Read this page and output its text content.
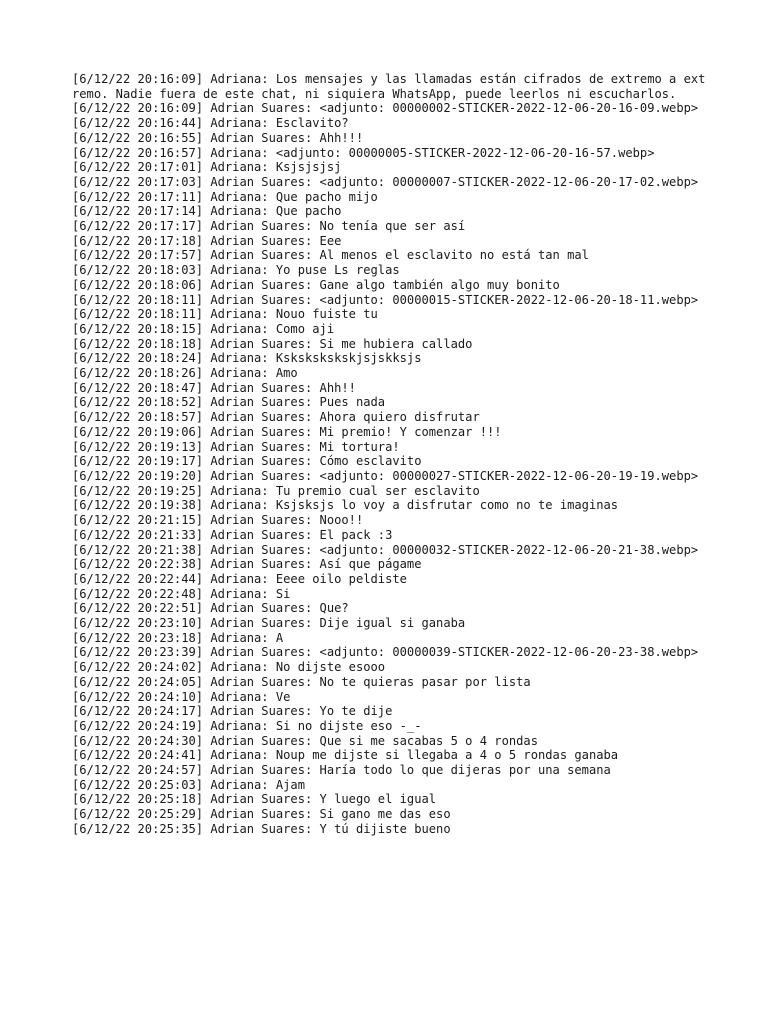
[6/12/22 20:16:09] Adriana: Los mensajes y las llamadas están cifrados de extremo a extremo. Nadie fuera de este chat, ni siquiera WhatsApp, puede leerlos ni escucharlos.
[6/12/22 20:16:09] Adrian Suares: <adjunto: 00000002-STICKER-2022-12-06-20-16-09.webp>
[6/12/22 20:16:44] Adriana: Esclavito?
[6/12/22 20:16:55] Adrian Suares: Ahh!!!
[6/12/22 20:16:57] Adriana: <adjunto: 00000005-STICKER-2022-12-06-20-16-57.webp>
[6/12/22 20:17:01] Adriana: Ksjsjsjsj
[6/12/22 20:17:03] Adrian Suares: <adjunto: 00000007-STICKER-2022-12-06-20-17-02.webp>
[6/12/22 20:17:11] Adriana: Que pacho mijo
[6/12/22 20:17:14] Adriana: Que pacho
[6/12/22 20:17:17] Adrian Suares: No tenía que ser así
[6/12/22 20:17:18] Adrian Suares: Eee
[6/12/22 20:17:57] Adrian Suares: Al menos el esclavito no está tan mal
[6/12/22 20:18:03] Adriana: Yo puse Ls reglas
[6/12/22 20:18:06] Adrian Suares: Gane algo también algo muy bonito
[6/12/22 20:18:11] Adrian Suares: <adjunto: 00000015-STICKER-2022-12-06-20-18-11.webp>
[6/12/22 20:18:11] Adriana: Nouo fuiste tu
[6/12/22 20:18:15] Adriana: Como aji
[6/12/22 20:18:18] Adrian Suares: Si me hubiera callado
[6/12/22 20:18:24] Adriana: Kskskskskskjsjskksjs
[6/12/22 20:18:26] Adriana: Amo
[6/12/22 20:18:47] Adrian Suares: Ahh!!
[6/12/22 20:18:52] Adrian Suares: Pues nada
[6/12/22 20:18:57] Adrian Suares: Ahora quiero disfrutar
[6/12/22 20:19:06] Adrian Suares: Mi premio! Y comenzar !!!
[6/12/22 20:19:13] Adrian Suares: Mi tortura!
[6/12/22 20:19:17] Adrian Suares: Cómo esclavito
[6/12/22 20:19:20] Adrian Suares: <adjunto: 00000027-STICKER-2022-12-06-20-19-19.webp>
[6/12/22 20:19:25] Adriana: Tu premio cual ser esclavito
[6/12/22 20:19:38] Adriana: Ksjsksjs lo voy a disfrutar como no te imaginas
[6/12/22 20:21:15] Adrian Suares: Nooo!!
[6/12/22 20:21:33] Adrian Suares: El pack :3
[6/12/22 20:21:38] Adrian Suares: <adjunto: 00000032-STICKER-2022-12-06-20-21-38.webp>
[6/12/22 20:22:38] Adrian Suares: Así que págame
[6/12/22 20:22:44] Adriana: Eeee oilo peldiste
[6/12/22 20:22:48] Adriana: Si
[6/12/22 20:22:51] Adrian Suares: Que?
[6/12/22 20:23:10] Adrian Suares: Dije igual si ganaba
[6/12/22 20:23:18] Adriana: A
[6/12/22 20:23:39] Adrian Suares: <adjunto: 00000039-STICKER-2022-12-06-20-23-38.webp>
[6/12/22 20:24:02] Adriana: No dijste esooo
[6/12/22 20:24:05] Adrian Suares: No te quieras pasar por lista
[6/12/22 20:24:10] Adriana: Ve
[6/12/22 20:24:17] Adrian Suares: Yo te dije
[6/12/22 20:24:19] Adriana: Si no dijste eso -_-
[6/12/22 20:24:30] Adrian Suares: Que si me sacabas 5 o 4 rondas
[6/12/22 20:24:41] Adriana: Noup me dijste si llegaba a 4 o 5 rondas ganaba
[6/12/22 20:24:57] Adrian Suares: Haría todo lo que dijeras por una semana
[6/12/22 20:25:03] Adriana: Ajam
[6/12/22 20:25:18] Adrian Suares: Y luego el igual
[6/12/22 20:25:29] Adrian Suares: Si gano me das eso
[6/12/22 20:25:35] Adrian Suares: Y tú dijiste bueno
